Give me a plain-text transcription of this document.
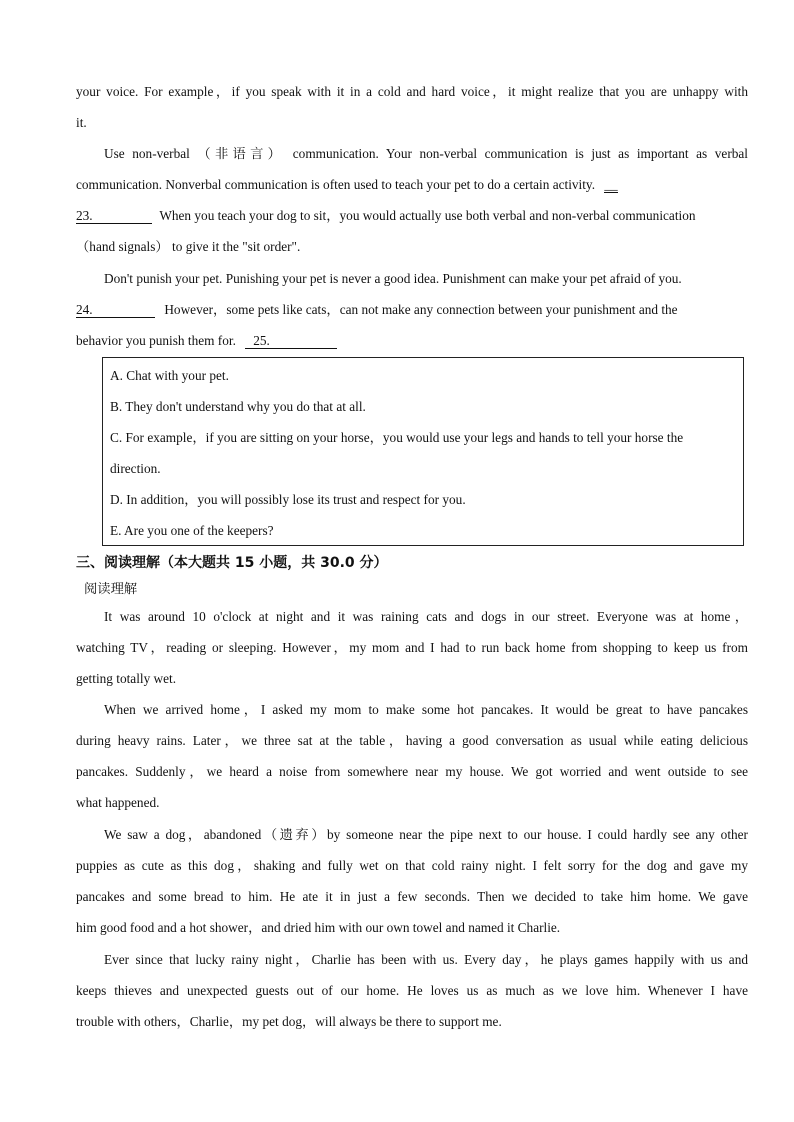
your voice. For example，if you speak with it in a cold and hard voice，it might realize that you are unhappy with
it.
Use non-verbal （非语言） communication. Your non-verbal communication is just as important as verbal
communication. Nonverbal communication is often used to teach your pet to do a certain activity. __
23.	When you teach your dog to sit，you would actually use both verbal and non-verbal communication
（hand signals） to give it the "sit order".
Don't punish your pet. Punishing your pet is never a good idea. Punishment can make your pet afraid of you.
24.	However，some pets like cats，can not make any connection between your punishment and the
behavior you punish them for. 25.
A. Chat with your pet.
B. They don't understand why you do that at all.
C. For example，if you are sitting on your horse，you would use your legs and hands to tell your horse the
direction.
D. In addition，you will possibly lose its trust and respect for you.
E. Are you one of the keepers?
三、阅读理解（本大题共 15 小题，共 30.0 分）
阅读理解
It was around 10 o'clock at night and it was raining cats and dogs in our street. Everyone was at home，
watching TV，reading or sleeping. However，my mom and I had to run back home from shopping to keep us from
getting totally wet.
When we arrived home，I asked my mom to make some hot pancakes. It would be great to have pancakes
during heavy rains. Later，we three sat at the table，having a good conversation as usual while eating delicious
pancakes. Suddenly，we heard a noise from somewhere near my house. We got worried and went outside to see
what happened.
We saw a dog，abandoned（遗弃）by someone near the pipe next to our house. I could hardly see any other
puppies as cute as this dog，shaking and fully wet on that cold rainy night. I felt sorry for the dog and gave my
pancakes and some bread to him. He ate it in just a few seconds. Then we decided to take him home. We gave
him good food and a hot shower，and dried him with our own towel and named it Charlie.
Ever since that lucky rainy night，Charlie has been with us. Every day，he plays games happily with us and
keeps thieves and unexpected guests out of our home. He loves us as much as we love him. Whenever I have
trouble with others，Charlie，my pet dog，will always be there to support me.
